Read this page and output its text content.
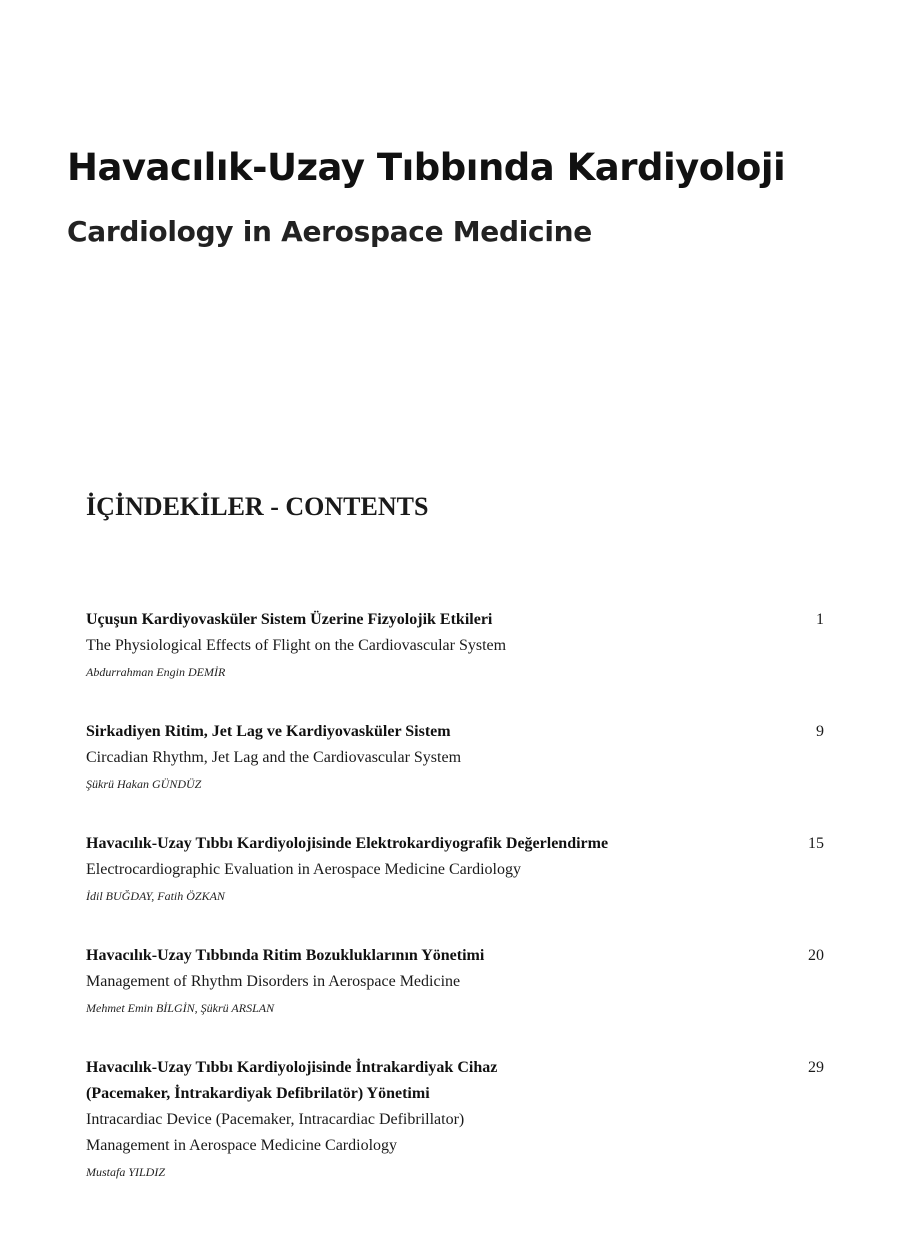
Havacılık-Uzay Tıbbında Kardiyoloji
Cardiology in Aerospace Medicine
İÇİNDEKİLER - CONTENTS
Uçuşun Kardiyovasküler Sistem Üzerine Fizyolojik Etkileri
The Physiological Effects of Flight on the Cardiovascular System
Abdurrahman Engin DEMİR
1
Sirkadiyen Ritim, Jet Lag ve Kardiyovasküler Sistem
Circadian Rhythm, Jet Lag and the Cardiovascular System
Şükrü Hakan GÜNDÜZ
9
Havacılık-Uzay Tıbbı Kardiyolojisinde Elektrokardiyografik Değerlendirme
Electrocardiographic Evaluation in Aerospace Medicine Cardiology
İdil BUĞDAY, Fatih ÖZKAN
15
Havacılık-Uzay Tıbbında Ritim Bozukluklarının Yönetimi
Management of Rhythm Disorders in Aerospace Medicine
Mehmet Emin BİLGİN, Şükrü ARSLAN
20
Havacılık-Uzay Tıbbı Kardiyolojisinde İntrakardiyak Cihaz (Pacemaker, İntrakardiyak Defibrilatör) Yönetimi
Intracardiac Device (Pacemaker, Intracardiac Defibrillator) Management in Aerospace Medicine Cardiology
Mustafa YILDIZ
29
